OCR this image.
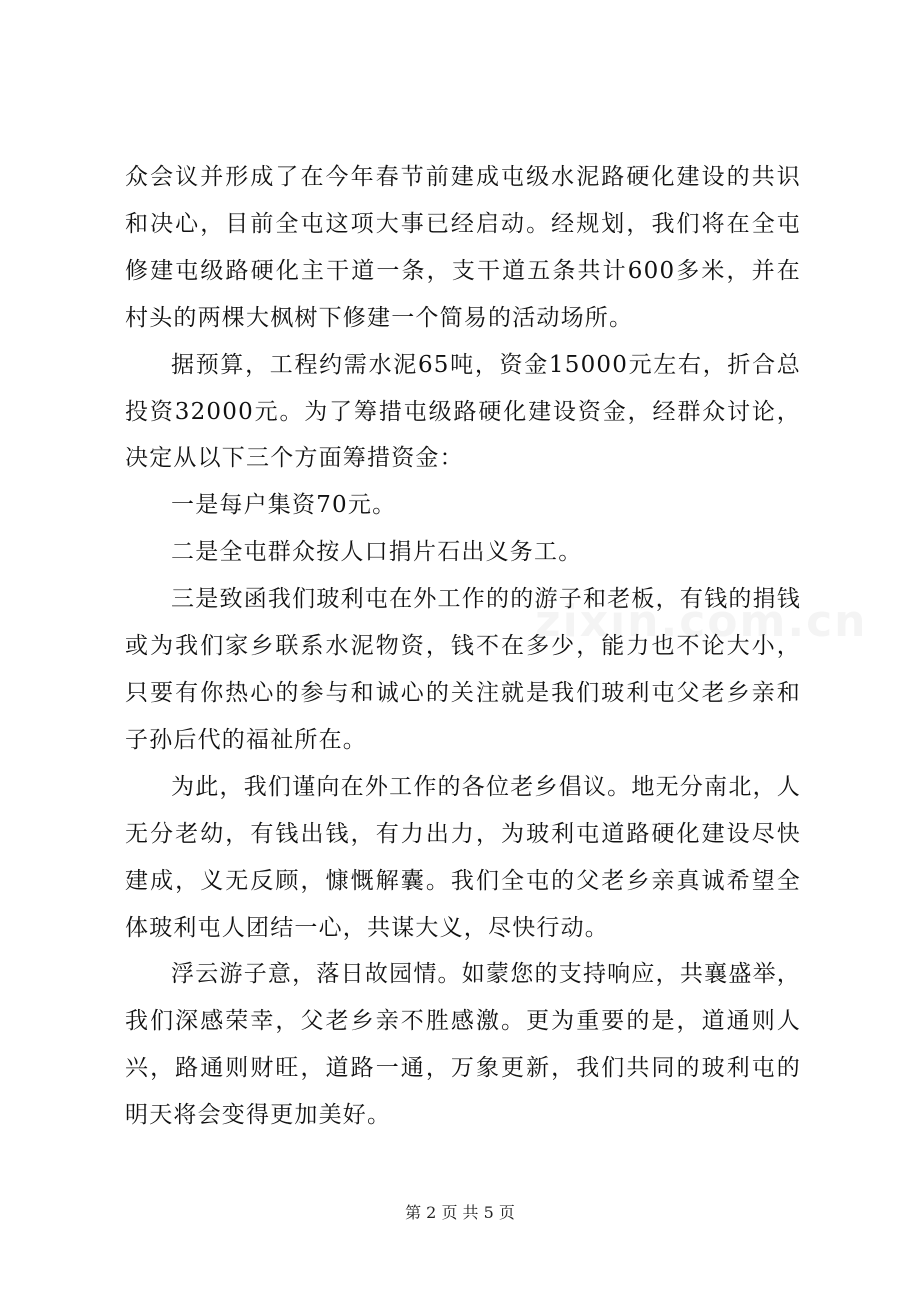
众会议并形成了在今年春节前建成屯级水泥路硬化建设的共识和决心，目前全屯这项大事已经启动。经规划，我们将在全屯修建屯级路硬化主干道一条，支干道五条共计600多米，并在村头的两棵大枫树下修建一个简易的活动场所。

据预算，工程约需水泥65吨，资金15000元左右，折合总投资32000元。为了筹措屯级路硬化建设资金，经群众讨论，决定从以下三个方面筹措资金：

一是每户集资70元。

二是全屯群众按人口捐片石出义务工。

三是致函我们玻利屯在外工作的的游子和老板，有钱的捐钱或为我们家乡联系水泥物资，钱不在多少，能力也不论大小，只要有你热心的参与和诚心的关注就是我们玻利屯父老乡亲和子孙后代的福祉所在。

为此，我们谨向在外工作的各位老乡倡议。地无分南北，人无分老幼，有钱出钱，有力出力，为玻利屯道路硬化建设尽快建成，义无反顾，慷慨解囊。我们全屯的父老乡亲真诚希望全体玻利屯人团结一心，共谋大义，尽快行动。

浮云游子意，落日故园情。如蒙您的支持响应，共襄盛举，我们深感荣幸，父老乡亲不胜感激。更为重要的是，道通则人兴，路通则财旺，道路一通，万象更新，我们共同的玻利屯的明天将会变得更加美好。

zixin.com.cn
第 2 页 共 5 页
